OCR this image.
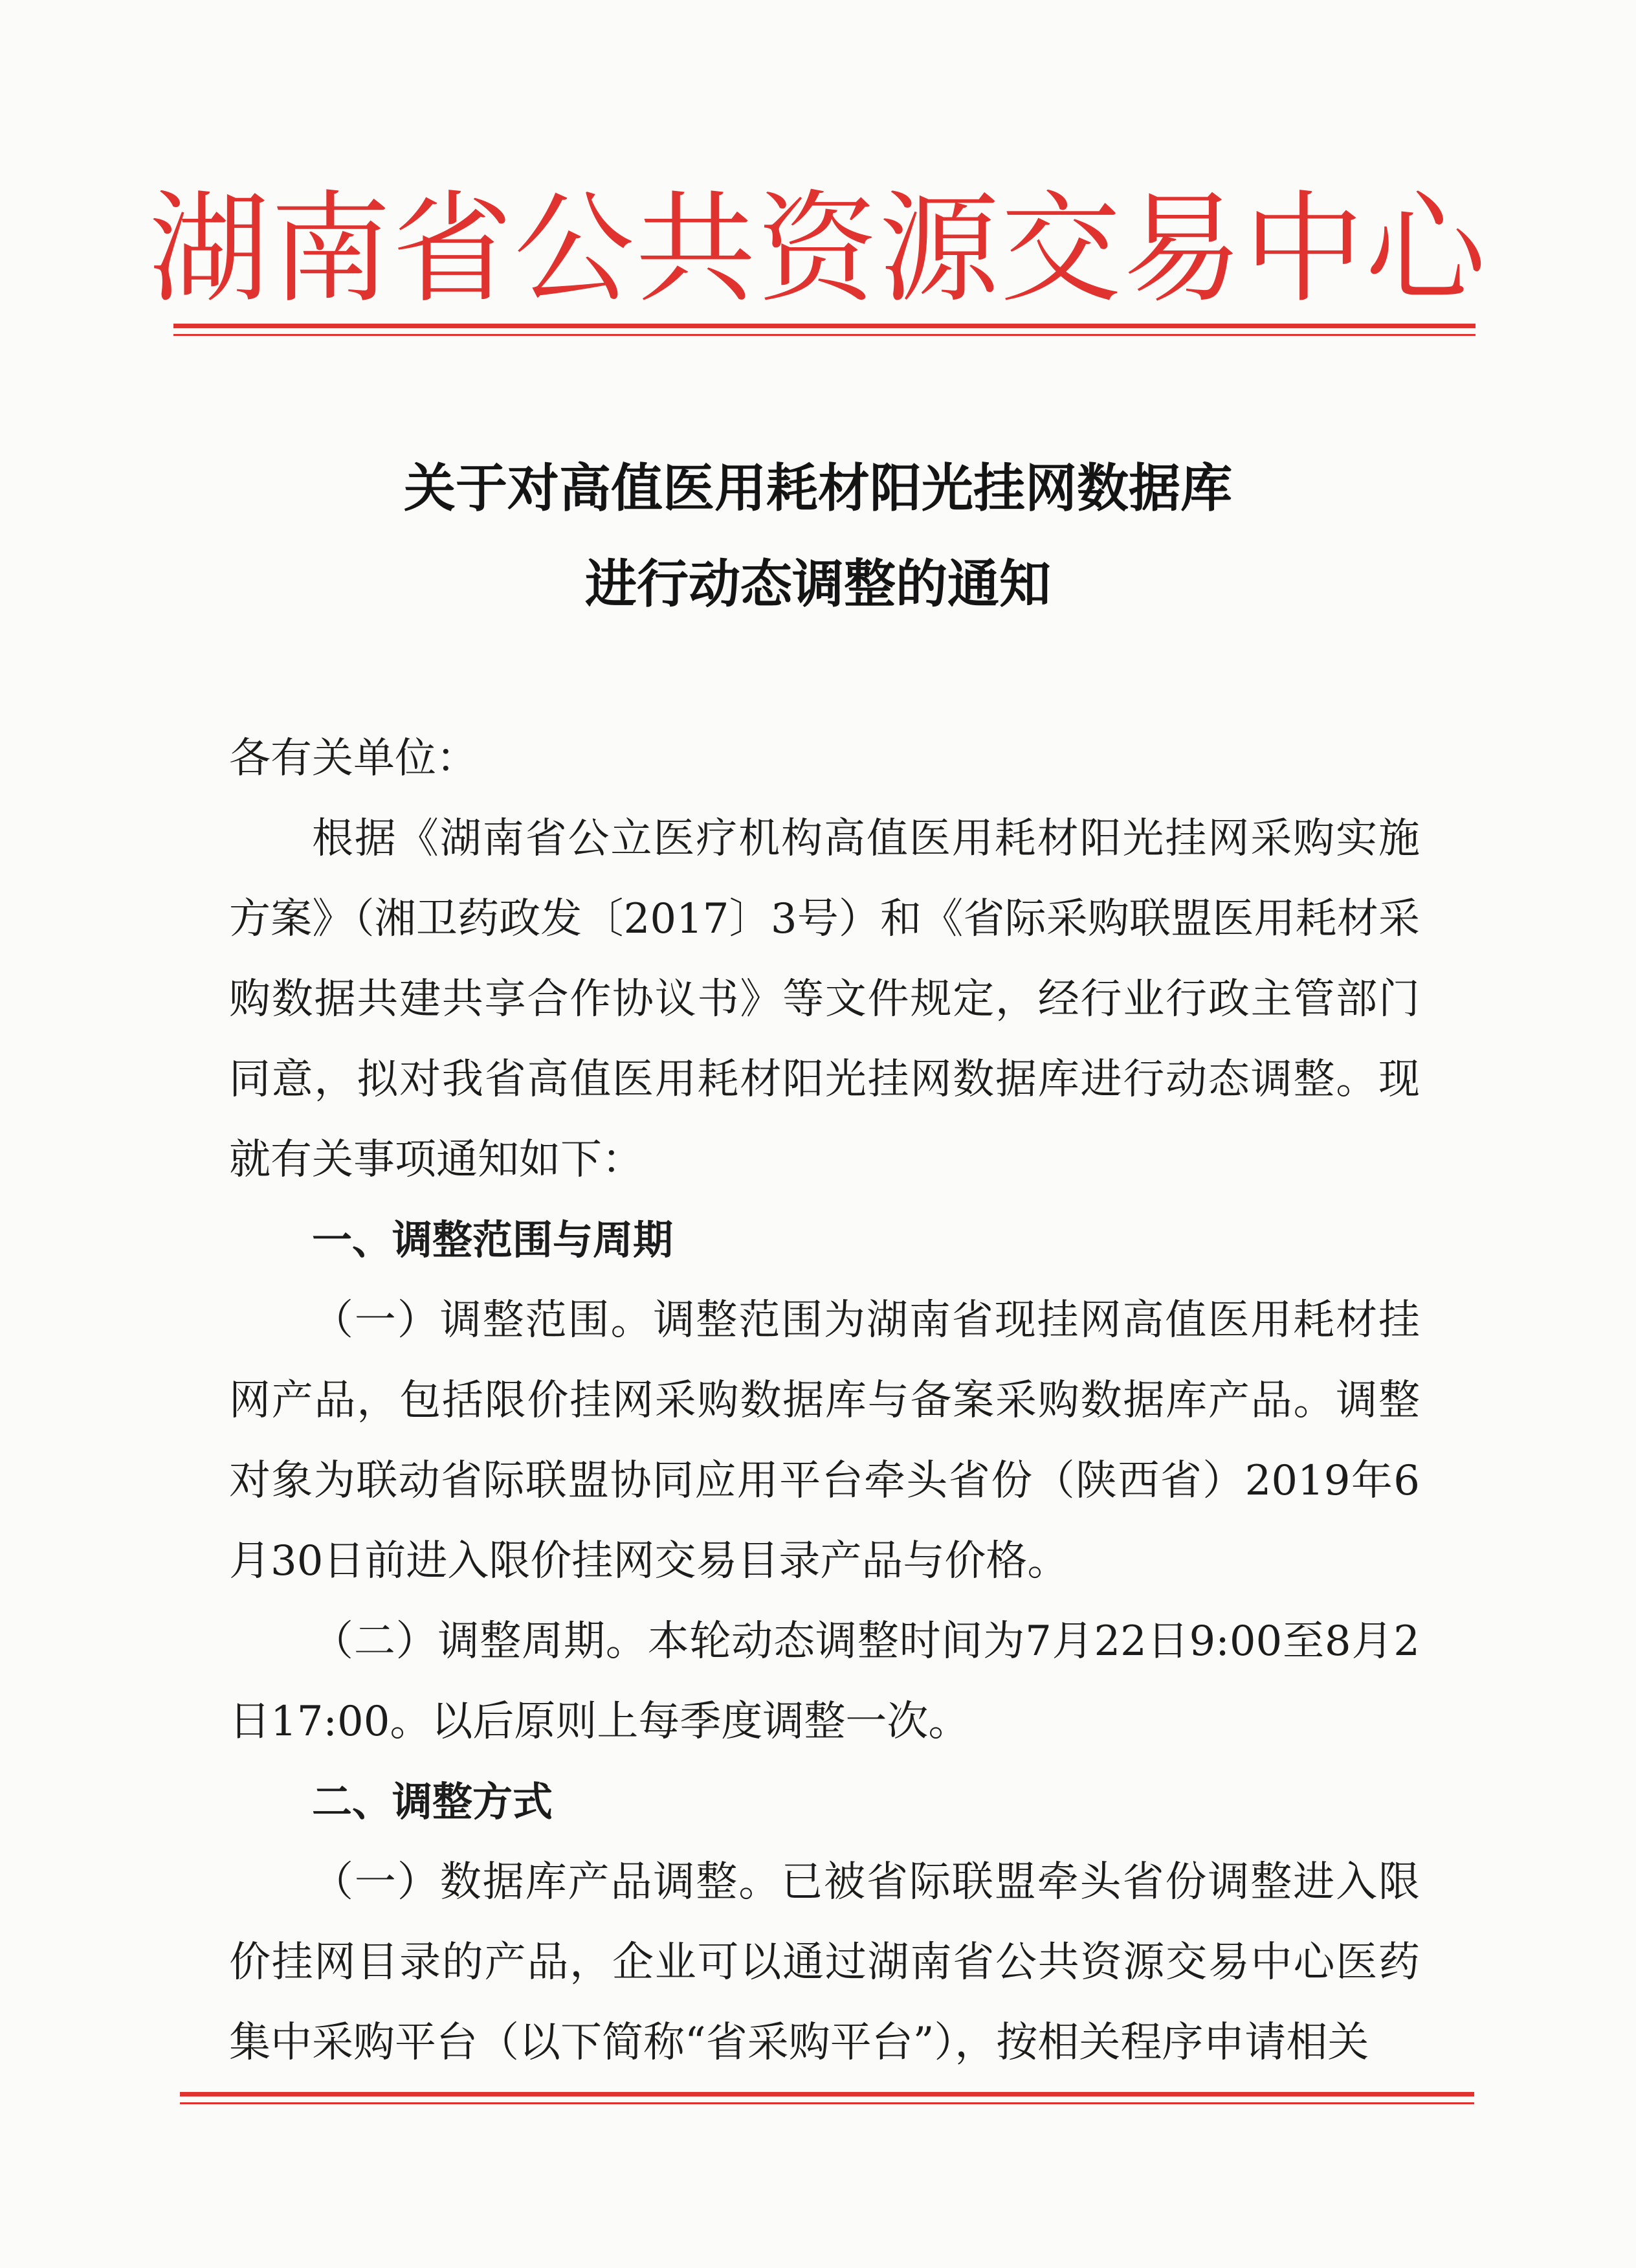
湖南省公共资源交易中心
关于对高值医用耗材阳光挂网数据库
进行动态调整的通知

各有关单位：

根据《湖南省公立医疗机构高值医用耗材阳光挂网采购实施方案》（湘卫药政发〔2017〕3号）和《省际采购联盟医用耗材采购数据共建共享合作协议书》等文件规定，经行业行政主管部门同意，拟对我省高值医用耗材阳光挂网数据库进行动态调整。现就有关事项通知如下：

一、调整范围与周期

（一）调整范围。调整范围为湖南省现挂网高值医用耗材挂网产品，包括限价挂网采购数据库与备案采购数据库产品。调整对象为联动省际联盟协同应用平台牵头省份（陕西省）2019年6月30日前进入限价挂网交易目录产品与价格。

（二）调整周期。本轮动态调整时间为7月22日9:00至8月2日17:00。以后原则上每季度调整一次。

二、调整方式

（一）数据库产品调整。已被省际联盟牵头省份调整进入限价挂网目录的产品，企业可以通过湖南省公共资源交易中心医药集中采购平台（以下简称“省采购平台”），按相关程序申请相关
